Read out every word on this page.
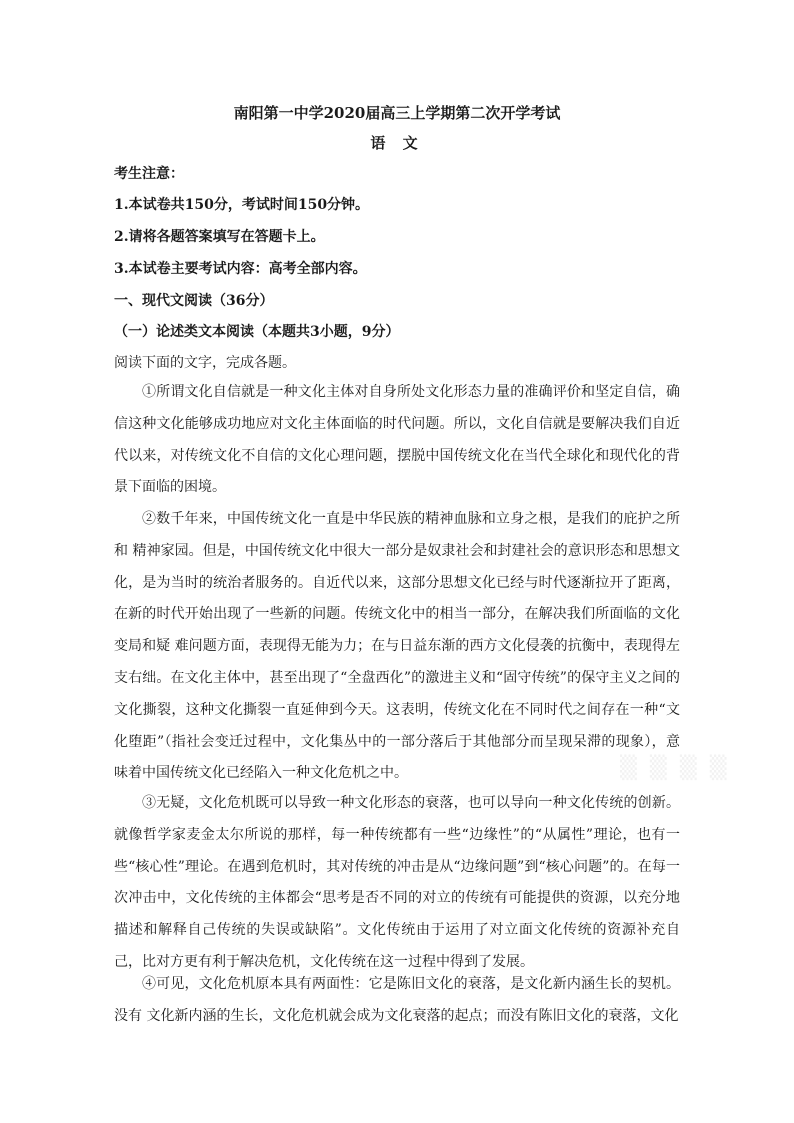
南阳第一中学2020届高三上学期第二次开学考试
语 文
考生注意：
1.本试卷共150分，考试时间150分钟。
2.请将各题答案填写在答题卡上。
3.本试卷主要考试内容：高考全部内容。
一、现代文阅读（36分）
（一）论述类文本阅读（本题共3小题，9分）
阅读下面的文字，完成各题。

①所谓文化自信就是一种文化主体对自身所处文化形态力量的准确评价和坚定自信，确信这种文化能够成功地应对文化主体面临的时代问题。所以，文化自信就是要解决我们自近代以来，对传统文化不自信的文化心理问题，摆脱中国传统文化在当代全球化和现代化的背景下面临的困境。

②数千年来，中国传统文化一直是中华民族的精神血脉和立身之根，是我们的庇护之所和 精神家园。但是，中国传统文化中很大一部分是奴隶社会和封建社会的意识形态和思想文化，是为当时的统治者服务的。自近代以来，这部分思想文化已经与时代逐渐拉开了距离，在新的时代开始出现了一些新的问题。传统文化中的相当一部分，在解决我们所面临的文化变局和疑 难问题方面，表现得无能为力；在与日益东渐的西方文化侵袭的抗衡中，表现得左支右绌。在文化主体中，甚至出现了“全盘西化”的激进主义和“固守传统”的保守主义之间的文化撕裂，这种文化撕裂一直延伸到今天。这表明，传统文化在不同时代之间存在一种“文化堕距”（指社会变迁过程中，文化集丛中的一部分落后于其他部分而呈现呆滞的现象），意味着中国传统文化已经陷入一种文化危机之中。

③无疑，文化危机既可以导致一种文化形态的衰落，也可以导向一种文化传统的创新。就像哲学家麦金太尔所说的那样，每一种传统都有一些“边缘性”的“从属性”理论，也有一些“核心性”理论。在遇到危机时，其对传统的冲击是从“边缘问题”到“核心问题”的。在每一次冲击中，文化传统的主体都会“思考是否不同的对立的传统有可能提供的资源，以充分地描述和解释自己传统的失误或缺陷”。文化传统由于运用了对立面文化传统的资源补充自己，比对方更有利于解决危机，文化传统在这一过程中得到了发展。

④可见，文化危机原本具有两面性：它是陈旧文化的衰落，是文化新内涵生长的契机。没有 文化新内涵的生长，文化危机就会成为文化衰落的起点；而没有陈旧文化的衰落，文化

▒ ▒ ▒ ▒
